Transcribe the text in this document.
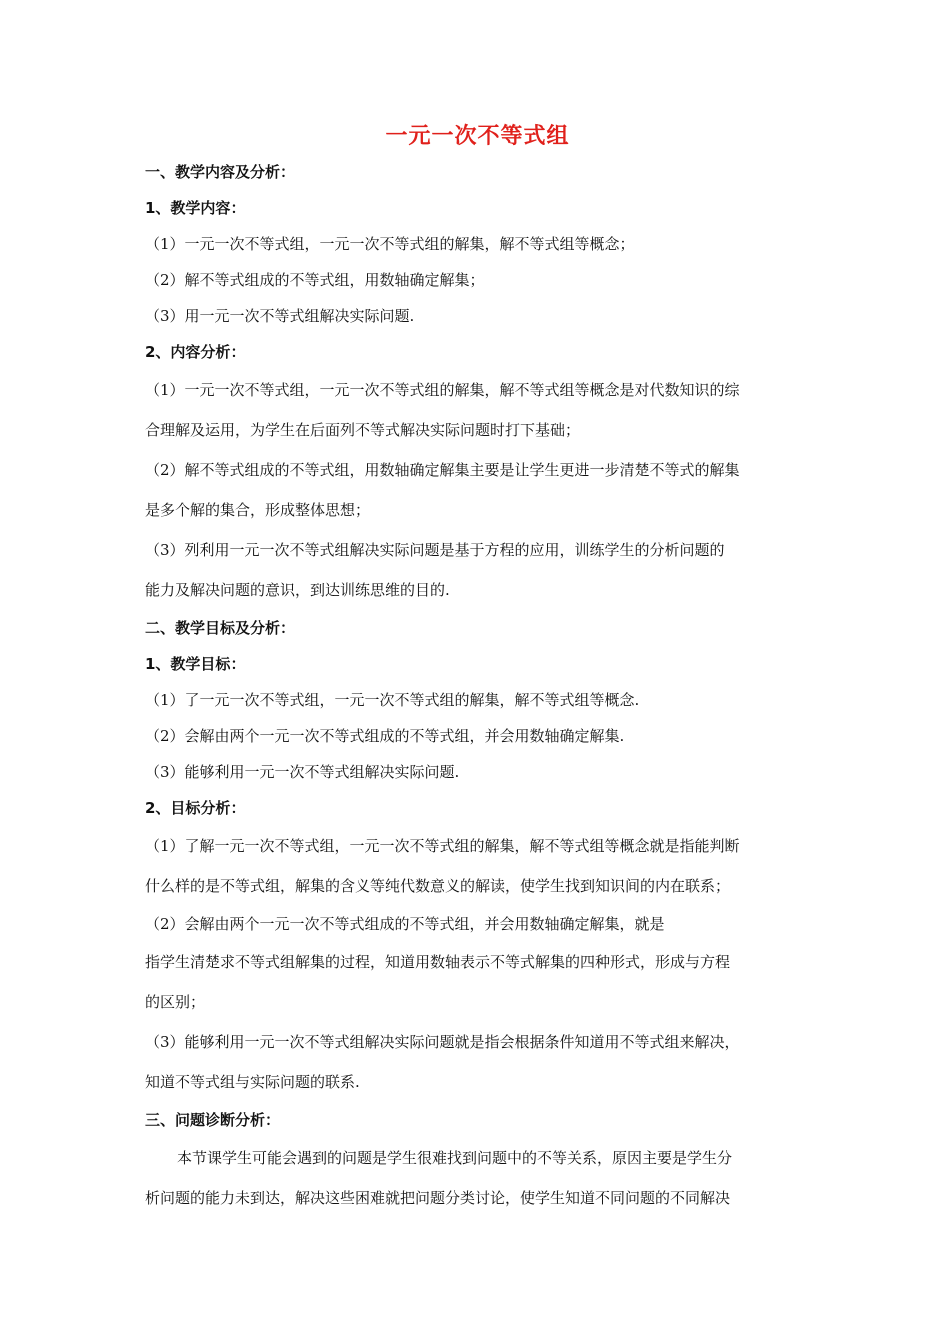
一元一次不等式组
一、教学内容及分析：
1、教学内容：
（1）一元一次不等式组，一元一次不等式组的解集，解不等式组等概念；
（2）解不等式组成的不等式组，用数轴确定解集；
（3）用一元一次不等式组解决实际问题.
2、内容分析：
（1）一元一次不等式组，一元一次不等式组的解集，解不等式组等概念是对代数知识的综
合理解及运用，为学生在后面列不等式解决实际问题时打下基础；
（2）解不等式组成的不等式组，用数轴确定解集主要是让学生更进一步清楚不等式的解集
是多个解的集合，形成整体思想；
（3）列利用一元一次不等式组解决实际问题是基于方程的应用，训练学生的分析问题的
能力及解决问题的意识，到达训练思维的目的.
二、教学目标及分析：
1、教学目标：
（1）了一元一次不等式组，一元一次不等式组的解集，解不等式组等概念.
（2）会解由两个一元一次不等式组成的不等式组，并会用数轴确定解集.
（3）能够利用一元一次不等式组解决实际问题.
2、目标分析：
（1）了解一元一次不等式组，一元一次不等式组的解集，解不等式组等概念就是指能判断
什么样的是不等式组，解集的含义等纯代数意义的解读，使学生找到知识间的内在联系；
（2）会解由两个一元一次不等式组成的不等式组，并会用数轴确定解集，就是
指学生清楚求不等式组解集的过程，知道用数轴表示不等式解集的四种形式，形成与方程
的区别；
（3）能够利用一元一次不等式组解决实际问题就是指会根据条件知道用不等式组来解决，
知道不等式组与实际问题的联系.
三、问题诊断分析：
本节课学生可能会遇到的问题是学生很难找到问题中的不等关系，原因主要是学生分
析问题的能力未到达，解决这些困难就把问题分类讨论，使学生知道不同问题的不同解决
